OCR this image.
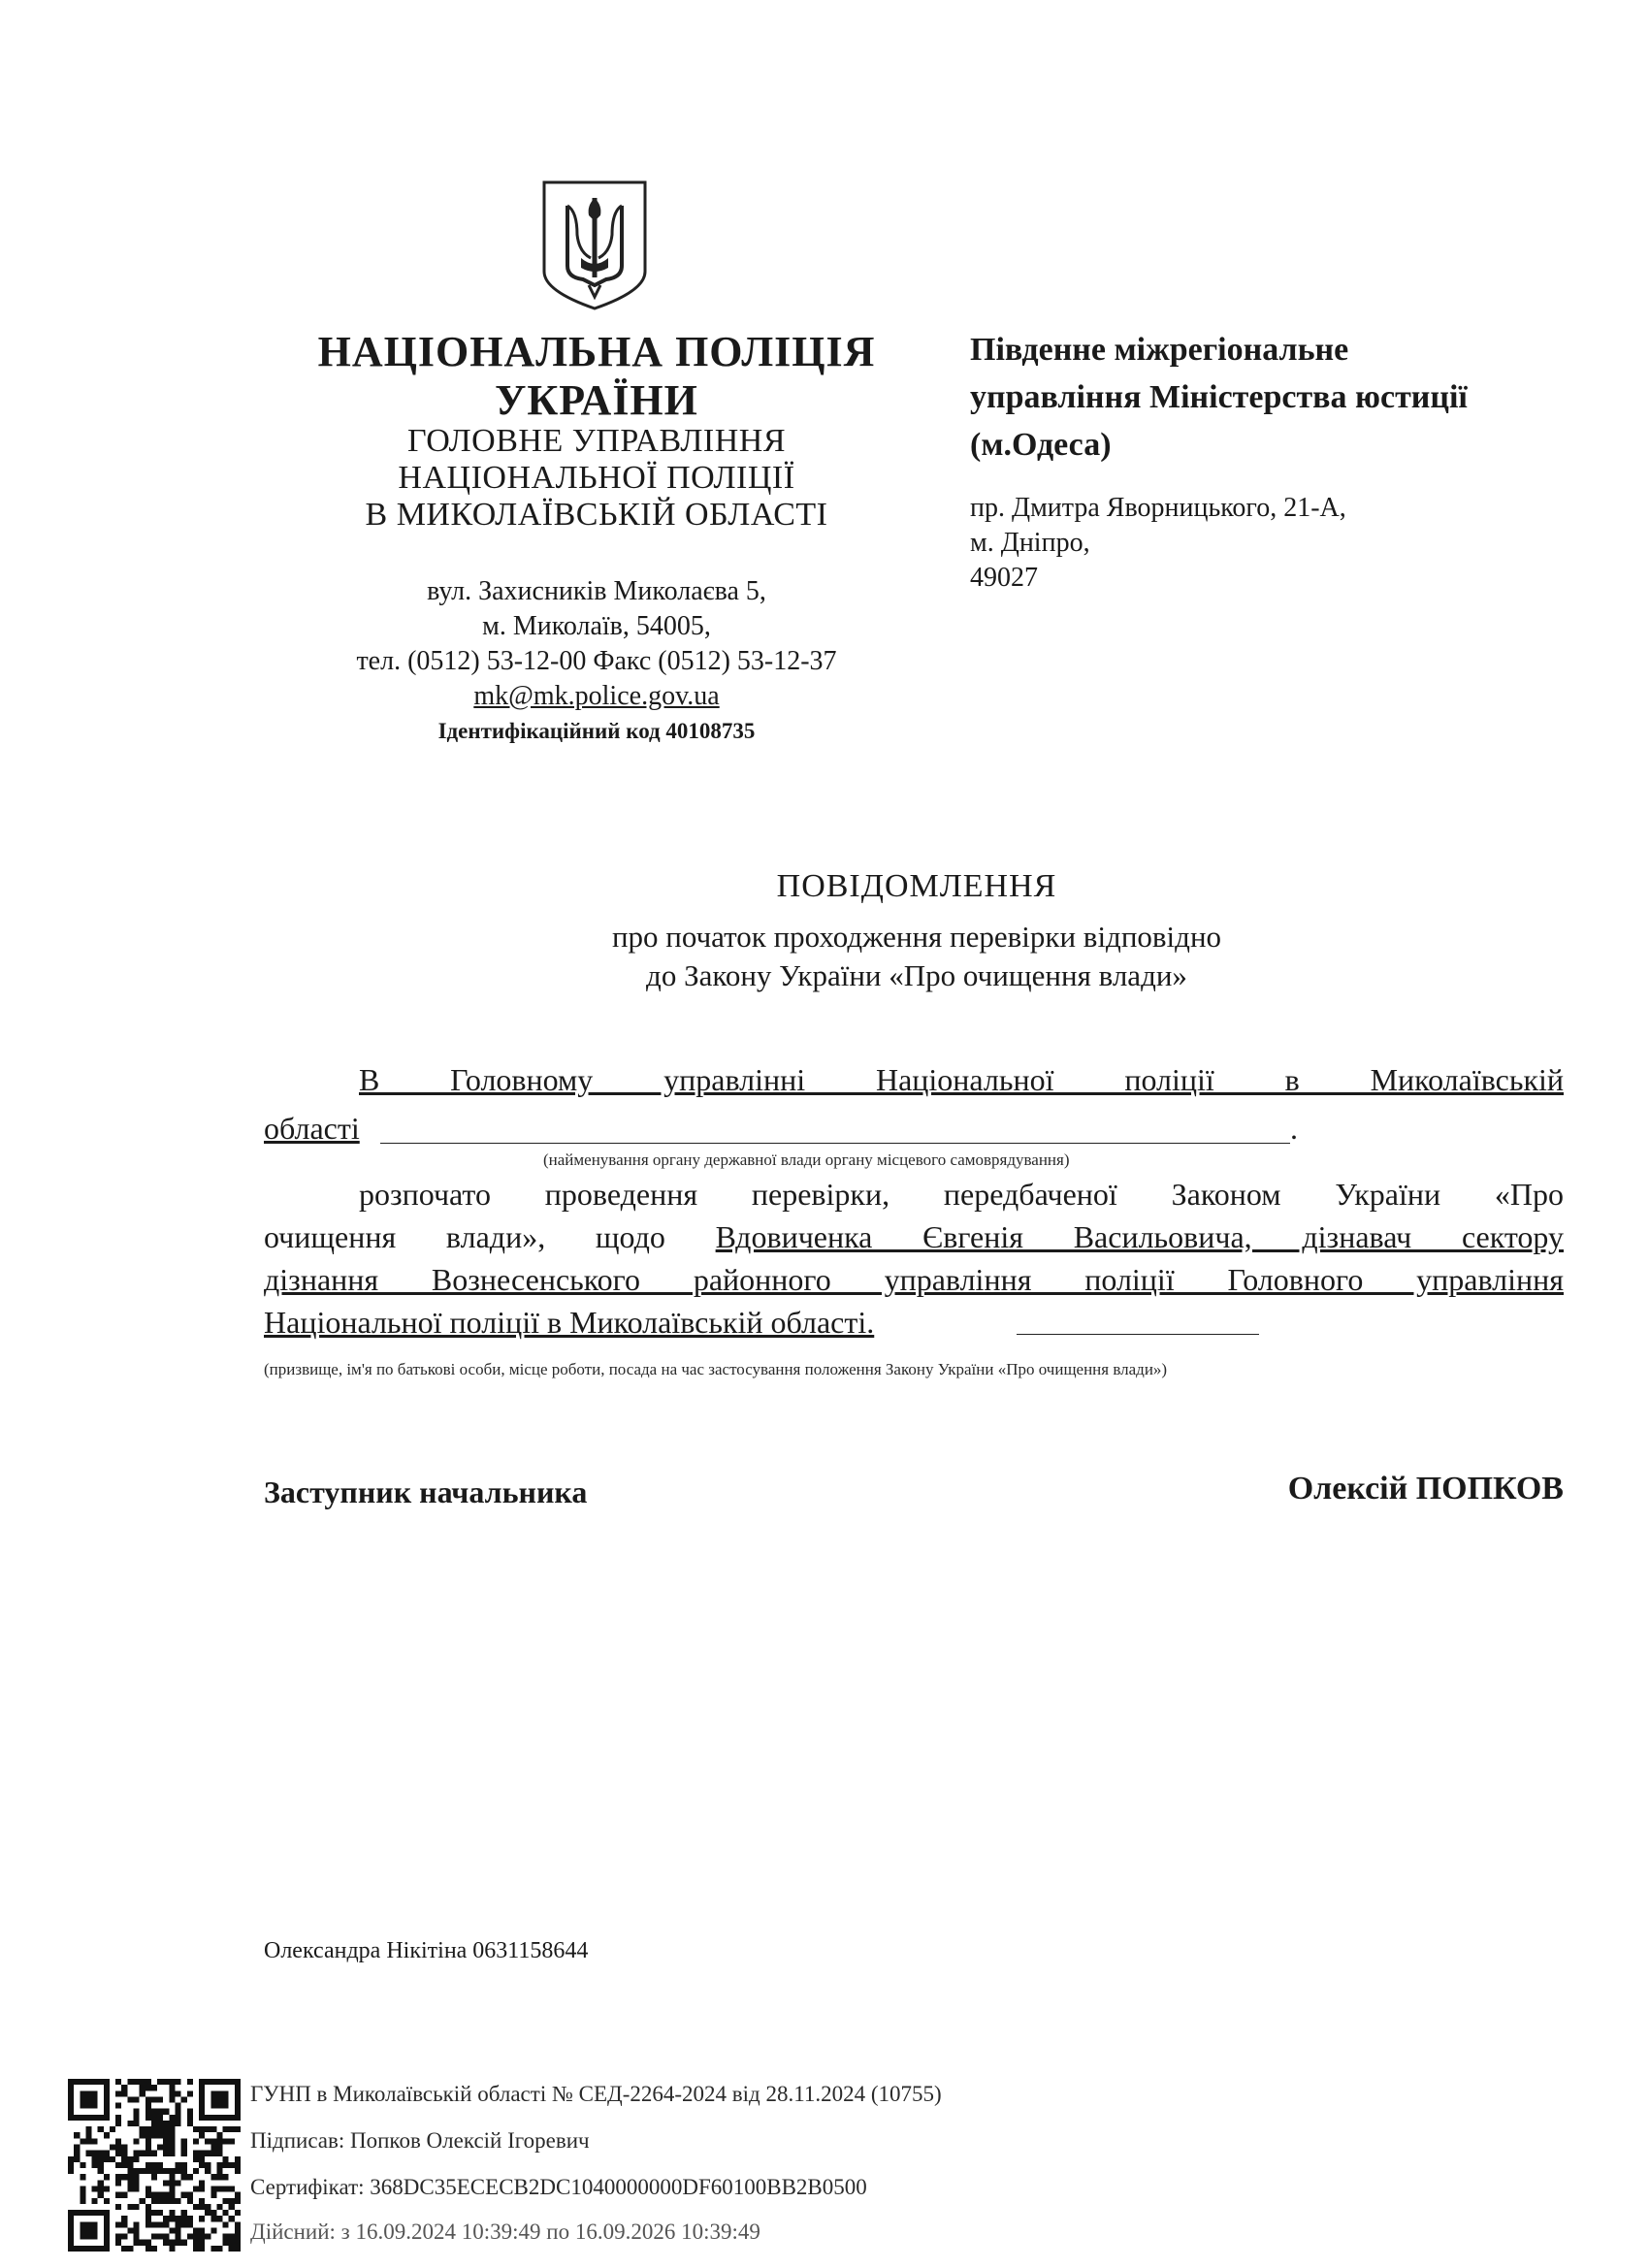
НАЦІОНАЛЬНА ПОЛІЦІЯ
УКРАЇНИ
ГОЛОВНЕ УПРАВЛІННЯ
НАЦІОНАЛЬНОЇ ПОЛІЦІЇ
В МИКОЛАЇВСЬКІЙ ОБЛАСТІ
вул. Захисників Миколаєва 5,
м. Миколаїв, 54005,
тел. (0512) 53-12-00 Факс (0512) 53-12-37
mk@mk.police.gov.ua
Ідентифікаційний код 40108735
Південне міжрегіональне
управління Міністерства юстиції
(м.Одеса)
пр. Дмитра Яворницького, 21-А,
м. Дніпро,
49027
ПОВІДОМЛЕННЯ
про початок проходження перевірки відповідно
до Закону України «Про очищення влади»
В Головному управлінні Національної поліції в Миколаївській
області	.
(найменування органу державної влади органу місцевого самоврядування)
розпочато проведення перевірки, передбаченої Законом України «Про
очищення влади», щодо Вдовиченка Євгенія Васильовича, дізнавач сектору
дізнання Вознесенського районного управління поліції Головного управління
Національної поліції в Миколаївській області.
(призвище, ім'я по батькові особи, місце роботи, посада на час застосування положення Закону України «Про очищення влади»)
Заступник начальника	Олексій ПОПКОВ
Олександра Нікітіна 0631158644
ГУНП в Миколаївській області № СЕД-2264-2024 від 28.11.2024 (10755)
Підписав: Попков Олексій Ігоревич
Сертифікат: 368DC35ECECB2DC1040000000DF60100BB2B0500
Дійсний: з 16.09.2024 10:39:49 по 16.09.2026 10:39:49
